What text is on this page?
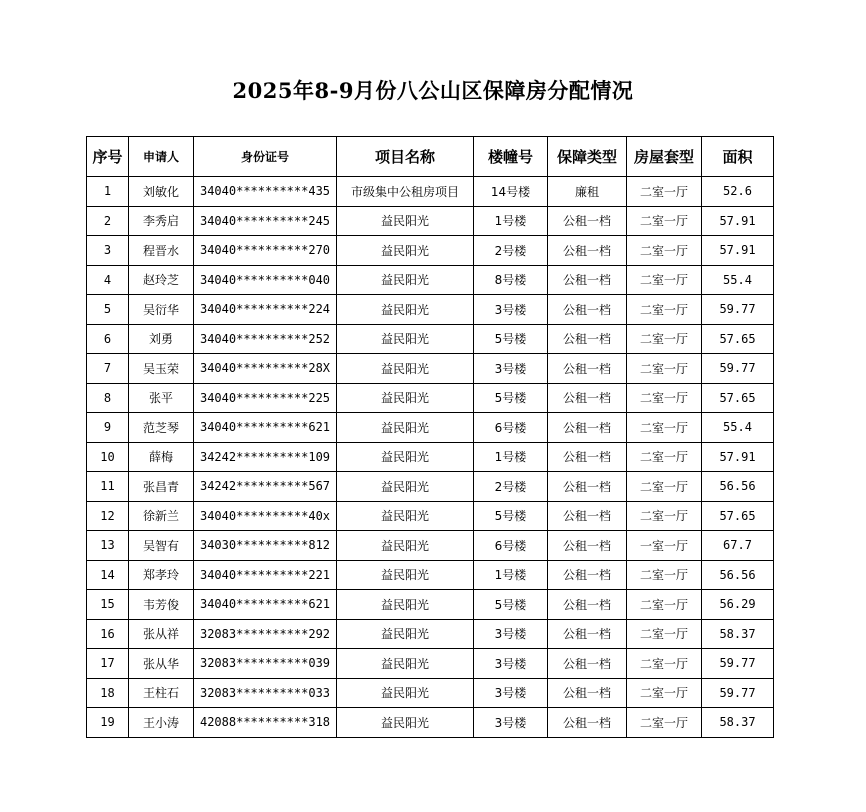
2025年8-9月份八公山区保障房分配情况
序号	申请人	身份证号	项目名称	楼幢号	保障类型	房屋套型	面积
1	刘敏化	34040**********435	市级集中公租房项目	14号楼	廉租	二室一厅	52.6
2	李秀启	34040**********245	益民阳光	1号楼	公租一档	二室一厅	57.91
3	程晋水	34040**********270	益民阳光	2号楼	公租一档	二室一厅	57.91
4	赵玲芝	34040**********040	益民阳光	8号楼	公租一档	二室一厅	55.4
5	吴衍华	34040**********224	益民阳光	3号楼	公租一档	二室一厅	59.77
6	刘勇	34040**********252	益民阳光	5号楼	公租一档	二室一厅	57.65
7	吴玉荣	34040**********28X	益民阳光	3号楼	公租一档	二室一厅	59.77
8	张平	34040**********225	益民阳光	5号楼	公租一档	二室一厅	57.65
9	范芝琴	34040**********621	益民阳光	6号楼	公租一档	二室一厅	55.4
10	薛梅	34242**********109	益民阳光	1号楼	公租一档	二室一厅	57.91
11	张昌青	34242**********567	益民阳光	2号楼	公租一档	二室一厅	56.56
12	徐新兰	34040**********40x	益民阳光	5号楼	公租一档	二室一厅	57.65
13	吴智有	34030**********812	益民阳光	6号楼	公租一档	一室一厅	67.7
14	郑孝玲	34040**********221	益民阳光	1号楼	公租一档	二室一厅	56.56
15	韦芳俊	34040**********621	益民阳光	5号楼	公租一档	二室一厅	56.29
16	张从祥	32083**********292	益民阳光	3号楼	公租一档	二室一厅	58.37
17	张从华	32083**********039	益民阳光	3号楼	公租一档	二室一厅	59.77
18	王柱石	32083**********033	益民阳光	3号楼	公租一档	二室一厅	59.77
19	王小涛	42088**********318	益民阳光	3号楼	公租一档	二室一厅	58.37
